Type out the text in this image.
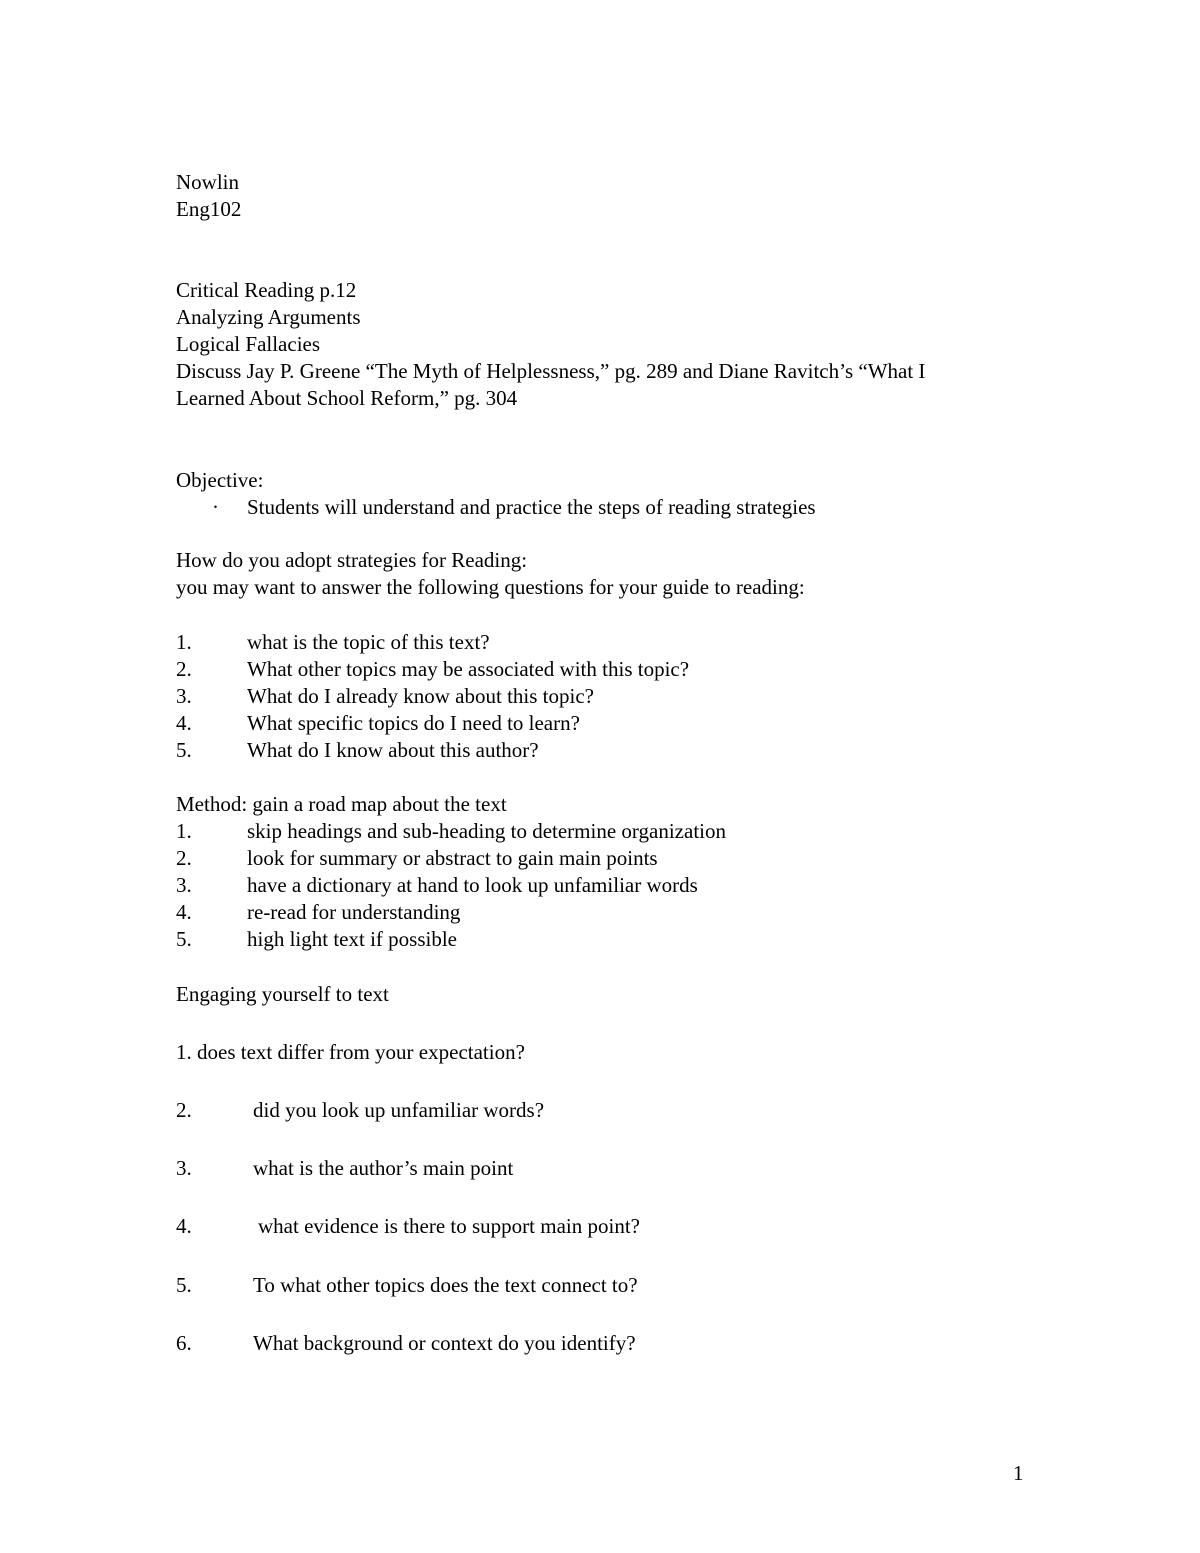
Nowlin
Eng102
Critical Reading p.12
Analyzing Arguments
Logical Fallacies
Discuss Jay P. Greene “The Myth of Helplessness,” pg. 289 and Diane Ravitch’s “What I
Learned About School Reform,” pg. 304
Objective:
· Students will understand and practice the steps of reading strategies
How do you adopt strategies for Reading:
you may want to answer the following questions for your guide to reading:
1.	what is the topic of this text?
2.	What other topics may be associated with this topic?
3.	What do I already know about this topic?
4.	What specific topics do I need to learn?
5.	What do I know about this author?
Method: gain a road map about the text
1.	skip headings and sub-heading to determine organization
2.	look for summary or abstract to gain main points
3.	have a dictionary at hand to look up unfamiliar words
4.	re-read for understanding
5.	high light text if possible
Engaging yourself to text
1. does text differ from your expectation?
2.	did you look up unfamiliar words?
3.	what is the author’s main point
4.	what evidence is there to support main point?
5.	To what other topics does the text connect to?
6.	What background or context do you identify?
1
